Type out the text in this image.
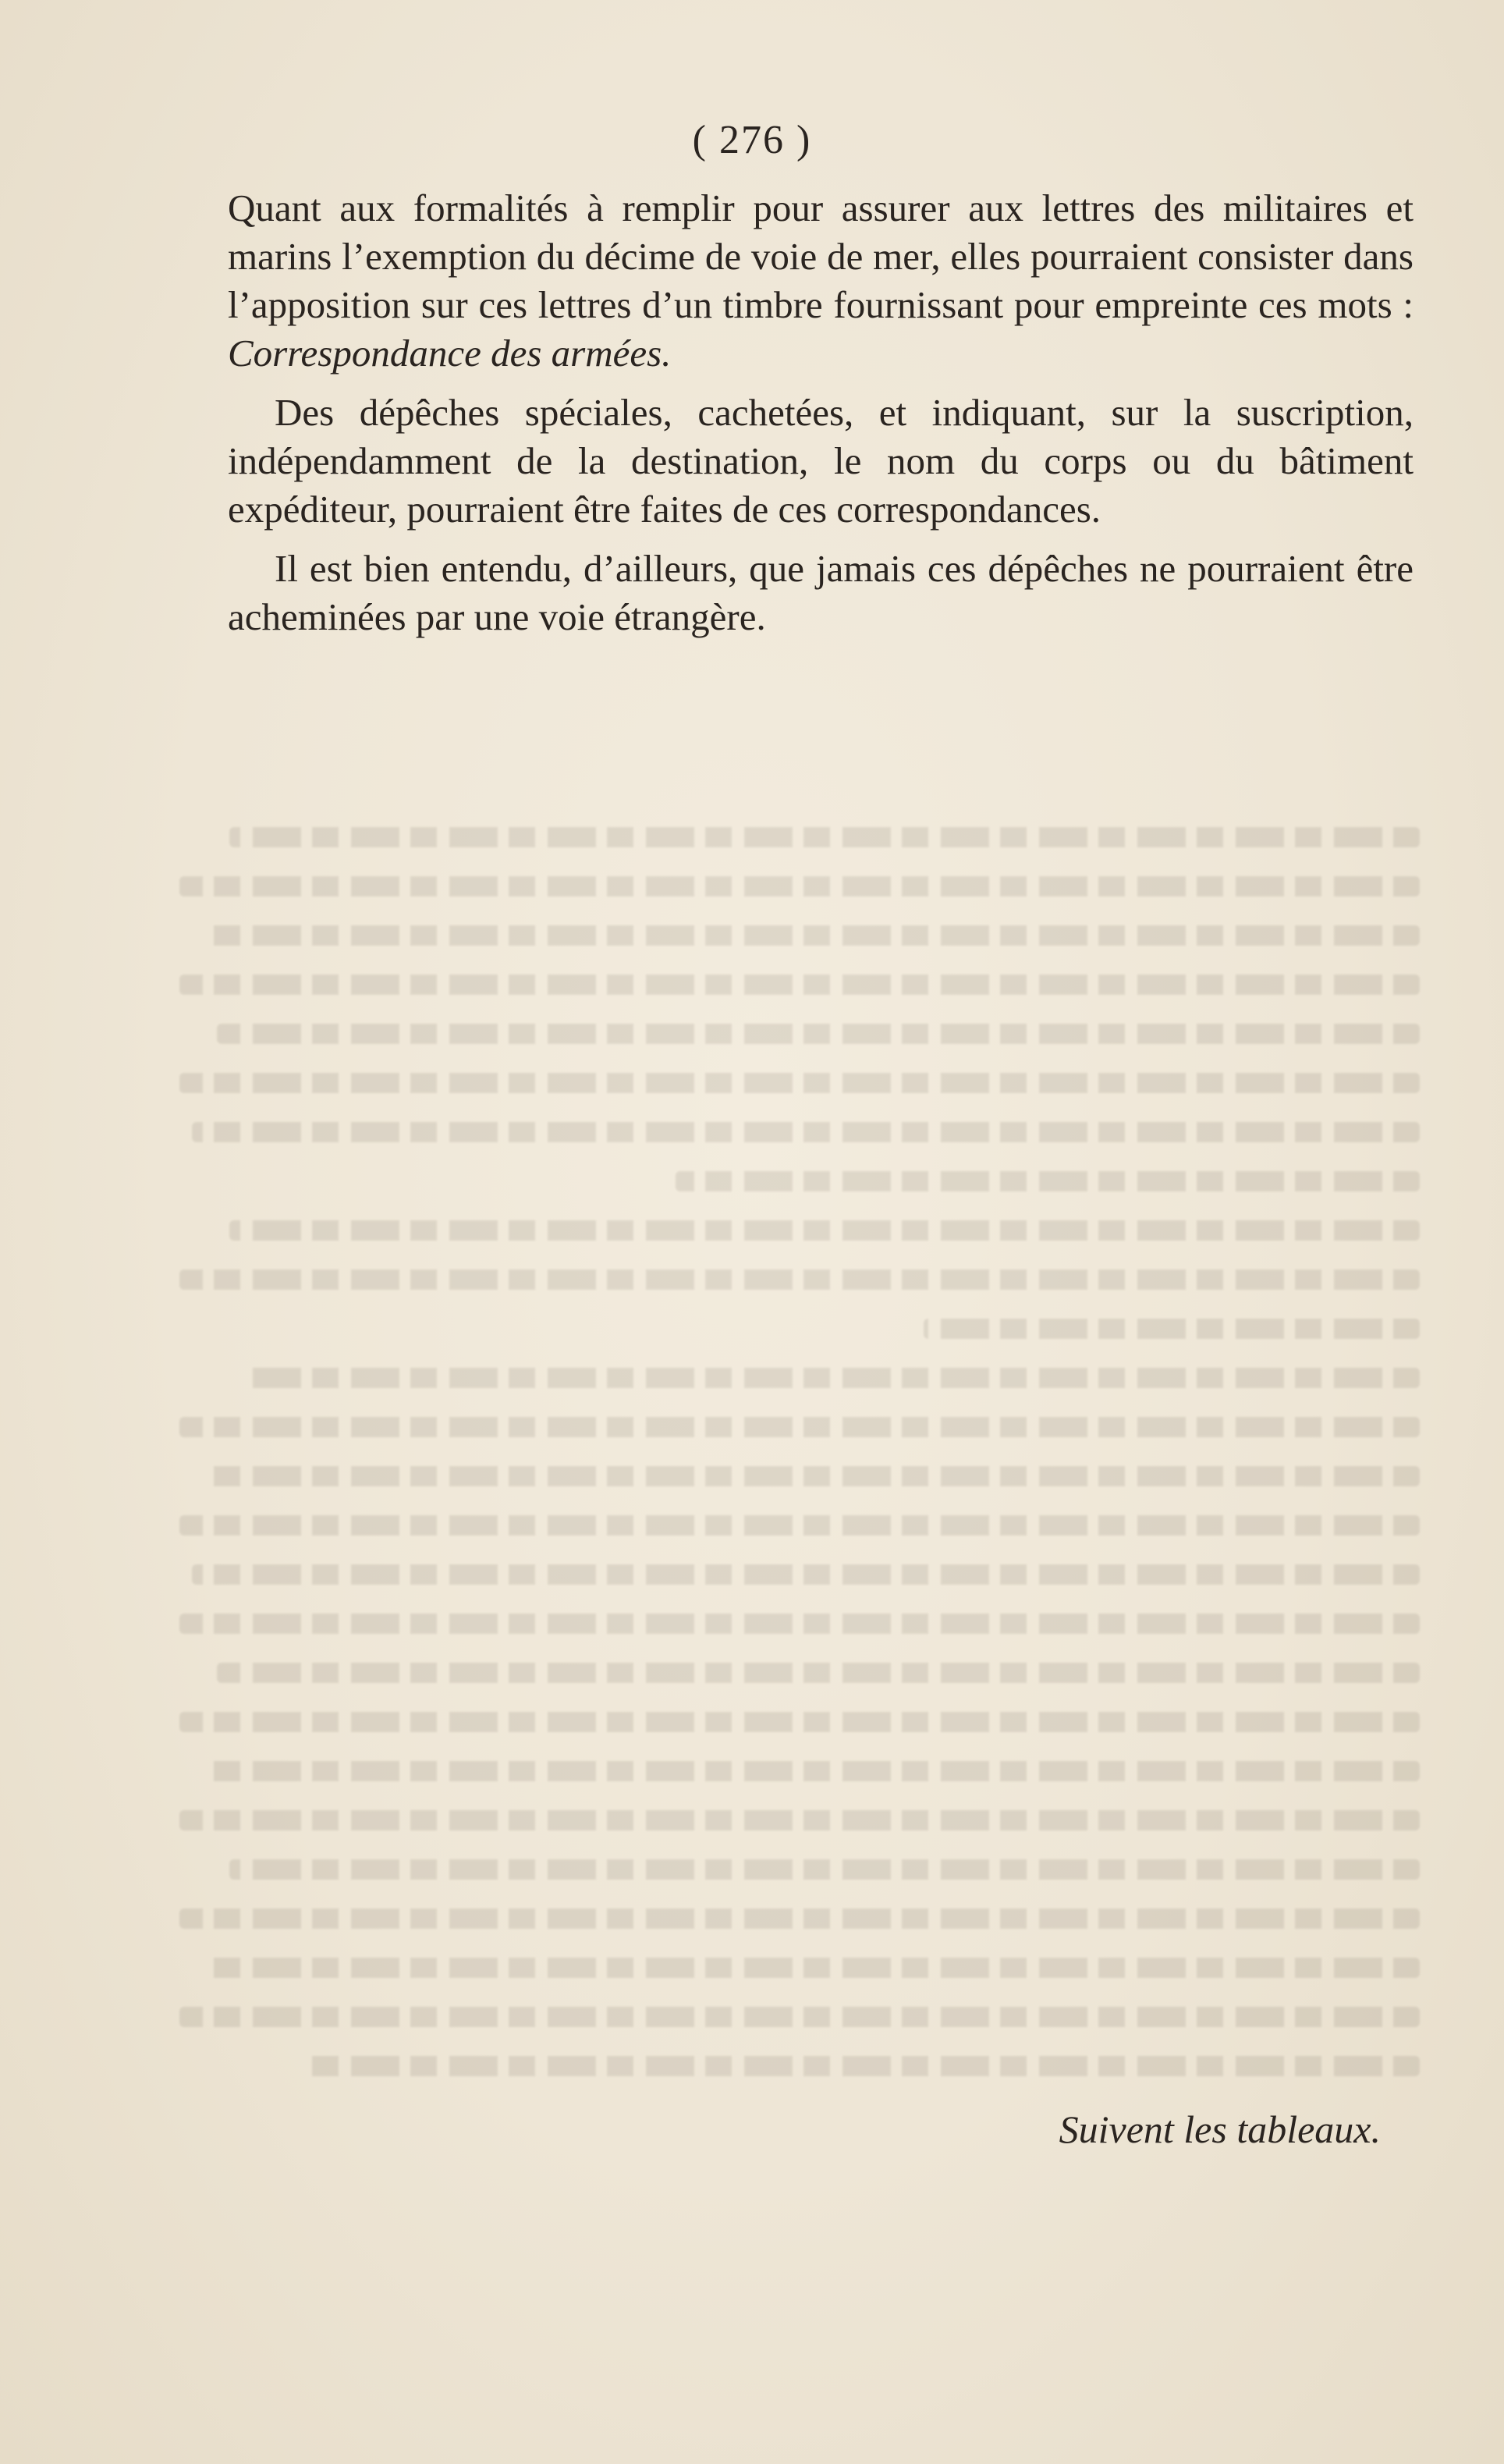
( 276 )

Quant aux formalités à remplir pour assurer aux lettres des militaires et marins l’exemption du décime de voie de mer, elles pourraient consister dans l’apposition sur ces lettres d’un timbre fournissant pour empreinte ces mots : Correspondance des armées.

Des dépêches spéciales, cachetées, et indiquant, sur la suscription, indépendamment de la destination, le nom du corps ou du bâtiment expéditeur, pourraient être faites de ces correspondances.

Il est bien entendu, d’ailleurs, que jamais ces dépêches ne pourraient être acheminées par une voie étrangère.

Suivent les tableaux.
